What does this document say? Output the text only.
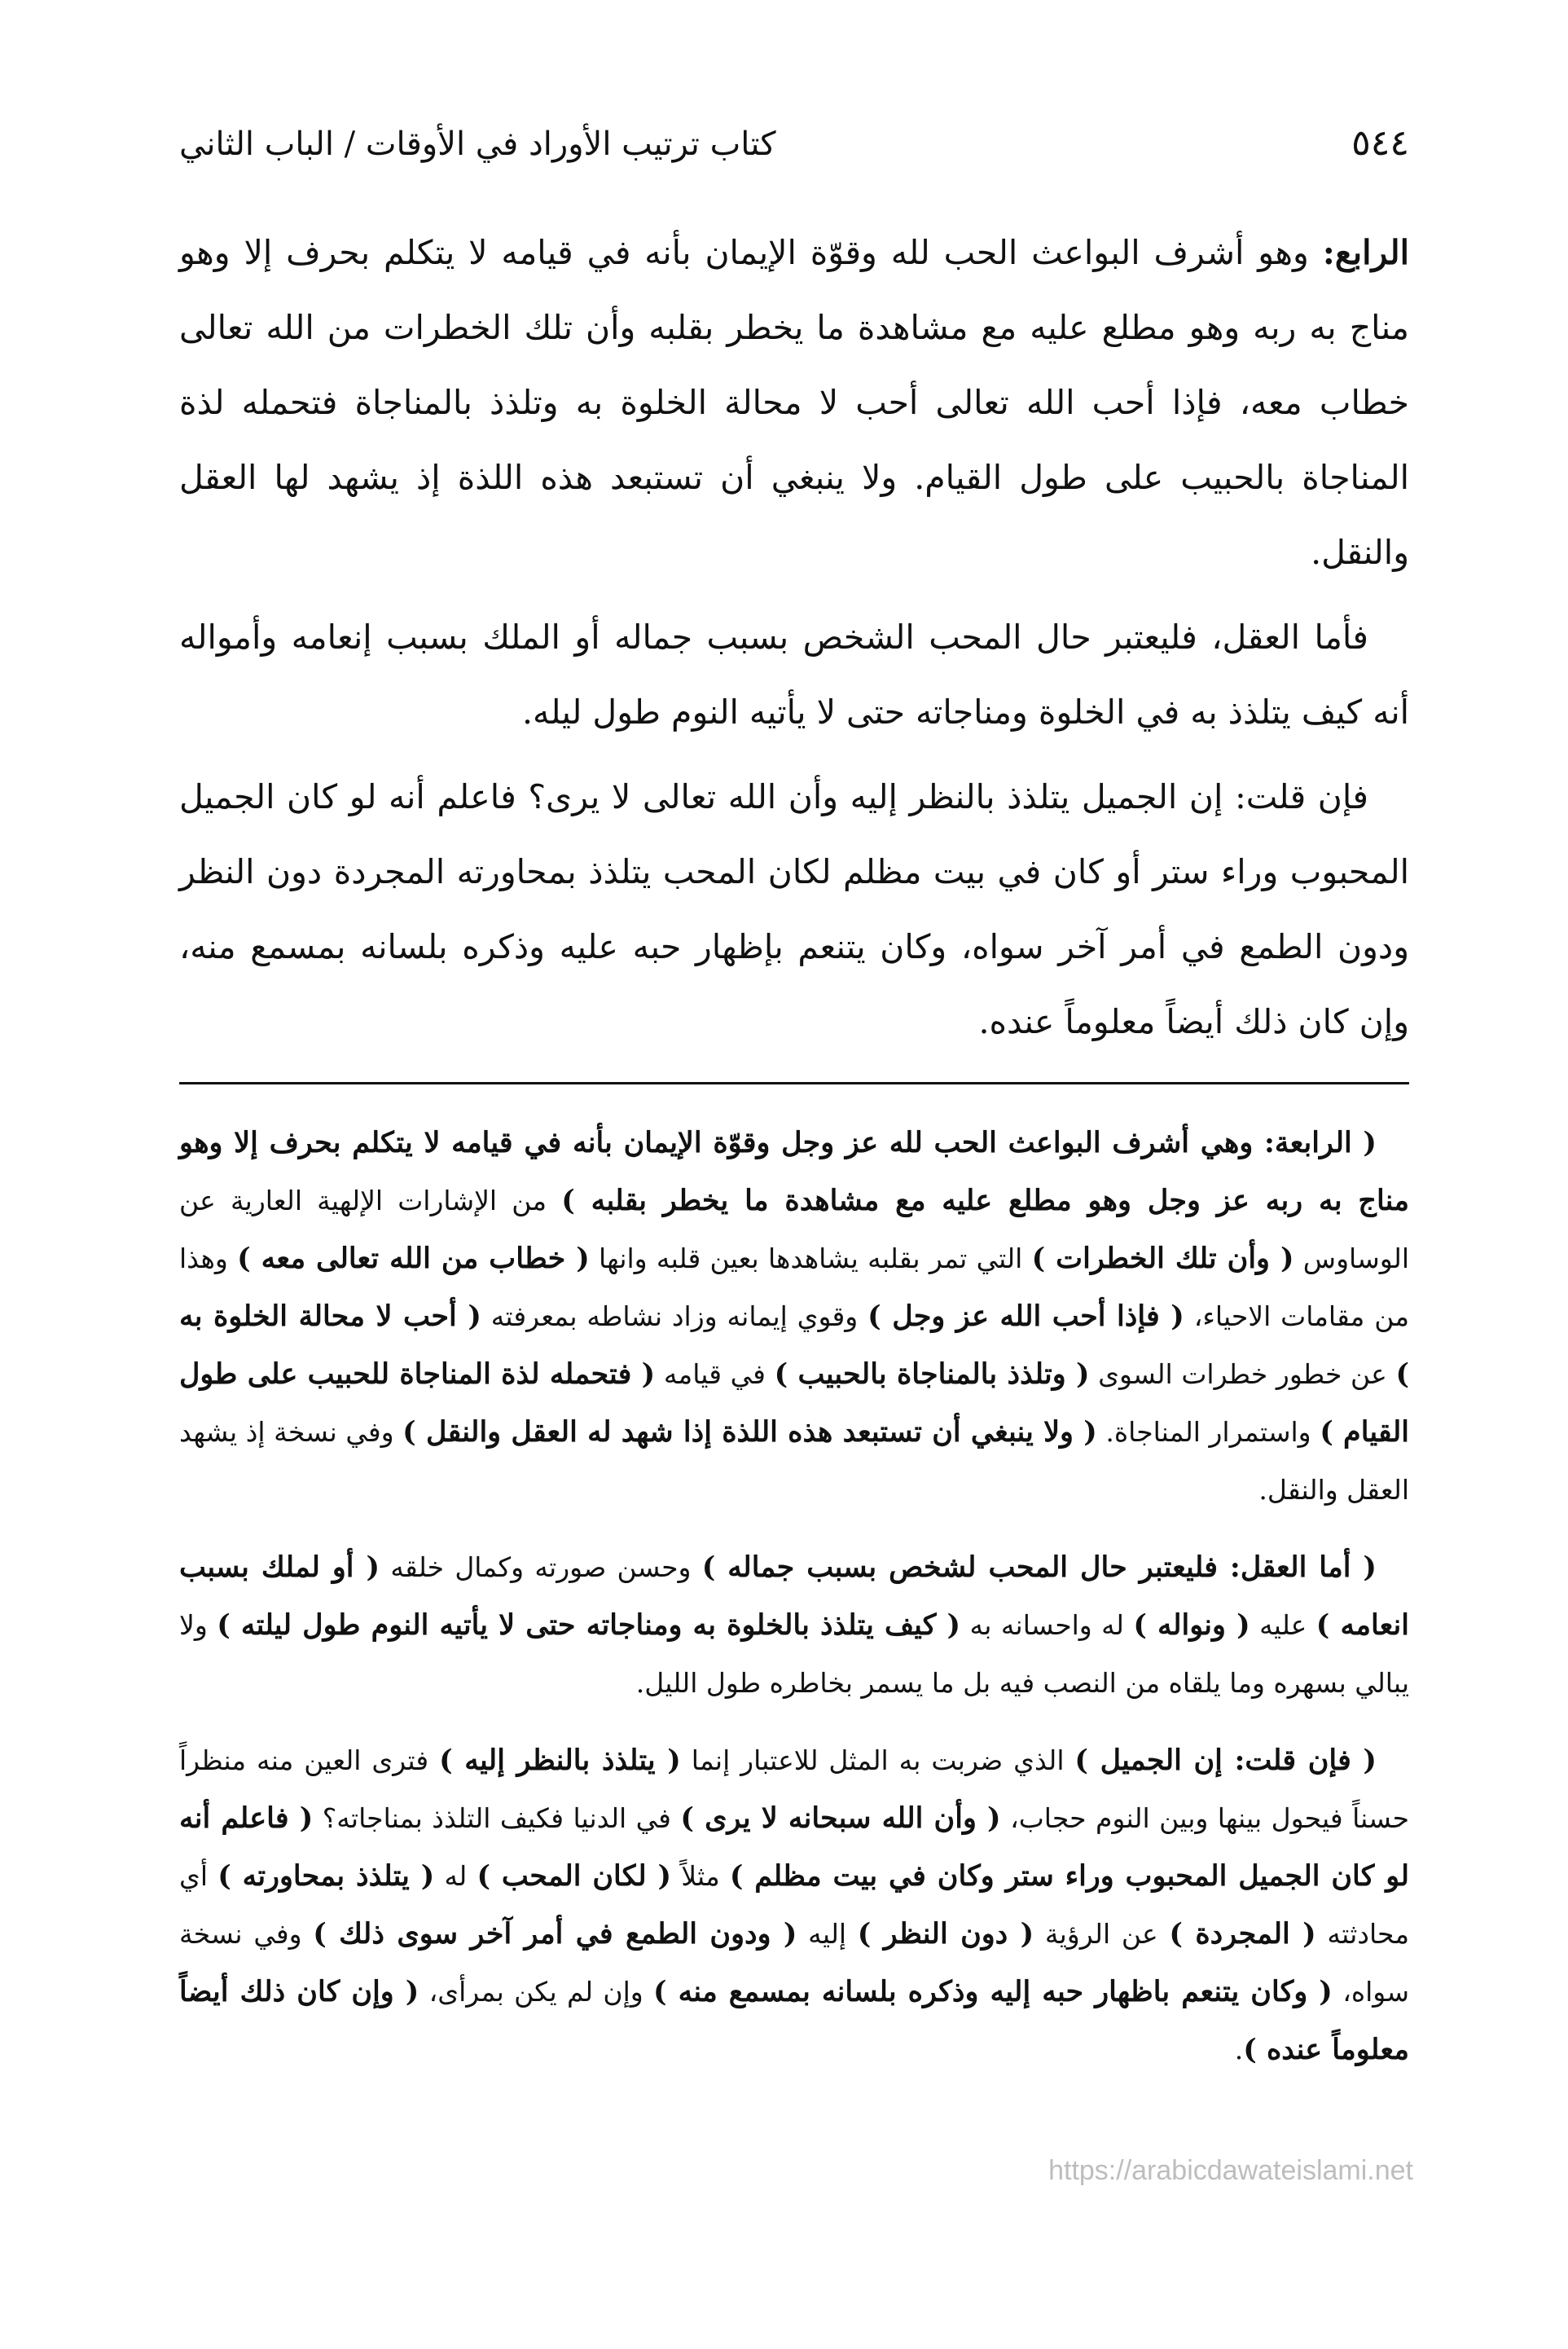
٥٤٤
كتاب ترتيب الأوراد في الأوقات / الباب الثاني

الرابع: وهو أشرف البواعث الحب لله وقوّة الإيمان بأنه في قيامه لا يتكلم بحرف إلا وهو مناج به ربه وهو مطلع عليه مع مشاهدة ما يخطر بقلبه وأن تلك الخطرات من الله تعالى خطاب معه، فإذا أحب الله تعالى أحب لا محالة الخلوة به وتلذذ بالمناجاة فتحمله لذة المناجاة بالحبيب على طول القيام. ولا ينبغي أن تستبعد هذه اللذة إذ يشهد لها العقل والنقل.

فأما العقل، فليعتبر حال المحب الشخص بسبب جماله أو الملك بسبب إنعامه وأمواله أنه كيف يتلذذ به في الخلوة ومناجاته حتى لا يأتيه النوم طول ليله.

فإن قلت: إن الجميل يتلذذ بالنظر إليه وأن الله تعالى لا يرى؟ فاعلم أنه لو كان الجميل المحبوب وراء ستر أو كان في بيت مظلم لكان المحب يتلذذ بمحاورته المجردة دون النظر ودون الطمع في أمر آخر سواه، وكان يتنعم بإظهار حبه عليه وذكره بلسانه بمسمع منه، وإن كان ذلك أيضاً معلوماً عنده.

( الرابعة: وهي أشرف البواعث الحب لله عز وجل وقوّة الإيمان بأنه في قيامه لا يتكلم بحرف إلا وهو مناج به ربه عز وجل وهو مطلع عليه مع مشاهدة ما يخطر بقلبه ) من الإشارات الإلهية العارية عن الوساوس ( وأن تلك الخطرات ) التي تمر بقلبه يشاهدها بعين قلبه وانها ( خطاب من الله تعالى معه ) وهذا من مقامات الاحياء، ( فإذا أحب الله عز وجل ) وقوي إيمانه وزاد نشاطه بمعرفته ( أحب لا محالة الخلوة به ) عن خطور خطرات السوى ( وتلذذ بالمناجاة بالحبيب ) في قيامه ( فتحمله لذة المناجاة للحبيب على طول القيام ) واستمرار المناجاة. ( ولا ينبغي أن تستبعد هذه اللذة إذا شهد له العقل والنقل ) وفي نسخة إذ يشهد العقل والنقل.

( أما العقل: فليعتبر حال المحب لشخص بسبب جماله ) وحسن صورته وكمال خلقه ( أو لملك بسبب انعامه ) عليه ( ونواله ) له واحسانه به ( كيف يتلذذ بالخلوة به ومناجاته حتى لا يأتيه النوم طول ليلته ) ولا يبالي بسهره وما يلقاه من النصب فيه بل ما يسمر بخاطره طول الليل.

( فإن قلت: إن الجميل ) الذي ضربت به المثل للاعتبار إنما ( يتلذذ بالنظر إليه ) فترى العين منه منظراً حسناً فيحول بينها وبين النوم حجاب، ( وأن الله سبحانه لا يرى ) في الدنيا فكيف التلذذ بمناجاته؟ ( فاعلم أنه لو كان الجميل المحبوب وراء ستر وكان في بيت مظلم ) مثلاً ( لكان المحب ) له ( يتلذذ بمحاورته ) أي محادثته ( المجردة ) عن الرؤية ( دون النظر ) إليه ( ودون الطمع في أمر آخر سوى ذلك ) وفي نسخة سواه، ( وكان يتنعم باظهار حبه إليه وذكره بلسانه بمسمع منه ) وإن لم يكن بمرأى، ( وإن كان ذلك أيضاً معلوماً عنده ).

https://arabicdawateislami.net
